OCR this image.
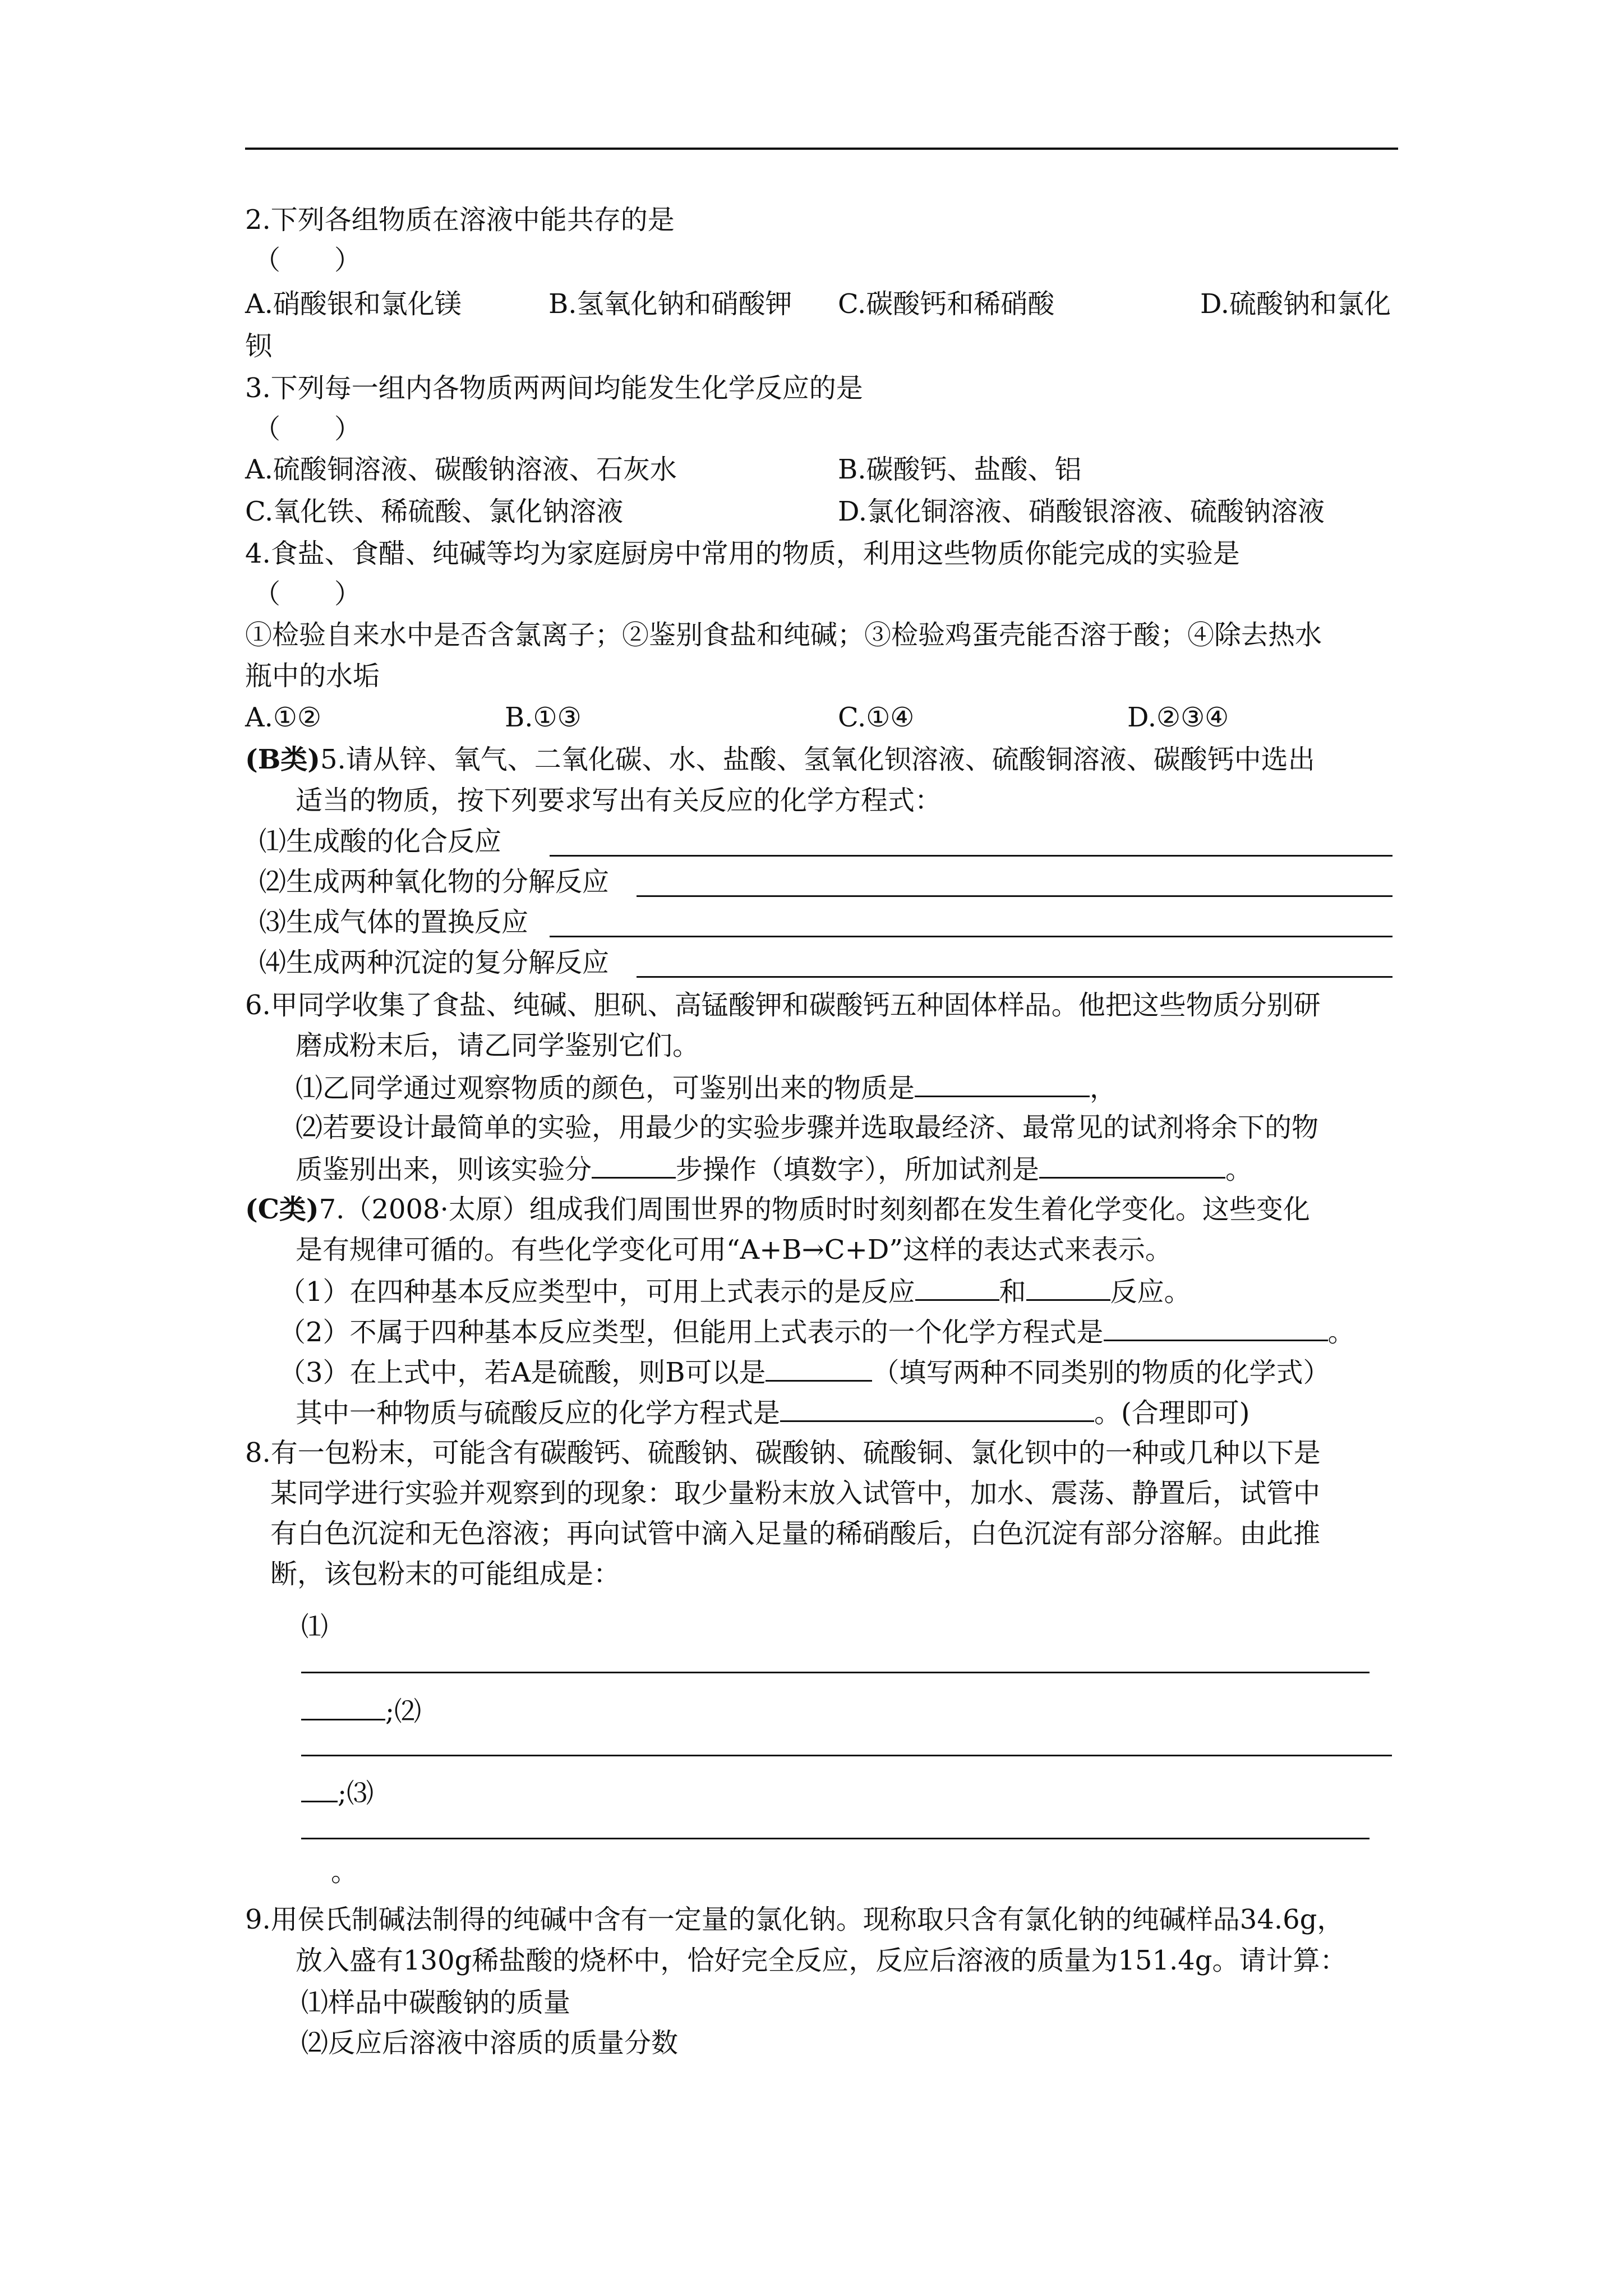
2.下列各组物质在溶液中能共存的是
（　　）
A.硝酸银和氯化镁	B.氢氧化钠和硝酸钾 C.碳酸钙和稀硝酸	D.硫酸钠和氯化
钡
3.下列每一组内各物质两两间均能发生化学反应的是
（　　）
A.硫酸铜溶液、碳酸钠溶液、石灰水	B.碳酸钙、盐酸、铝
C.氧化铁、稀硫酸、氯化钠溶液	D.氯化铜溶液、硝酸银溶液、硫酸钠溶液
4.食盐、食醋、纯碱等均为家庭厨房中常用的物质，利用这些物质你能完成的实验是
（　　）
①检验自来水中是否含氯离子；②鉴别食盐和纯碱；③检验鸡蛋壳能否溶于酸；④除去热水
瓶中的水垢
A.①②	B.①③	C.①④	D.②③④
(B类)5.请从锌、氧气、二氧化碳、水、盐酸、氢氧化钡溶液、硫酸铜溶液、碳酸钙中选出
适当的物质，按下列要求写出有关反应的化学方程式：
⑴生成酸的化合反应
⑵生成两种氧化物的分解反应
⑶生成气体的置换反应
⑷生成两种沉淀的复分解反应
6.甲同学收集了食盐、纯碱、胆矾、高锰酸钾和碳酸钙五种固体样品。他把这些物质分别研
磨成粉末后，请乙同学鉴别它们。
⑴乙同学通过观察物质的颜色，可鉴别出来的物质是	，
⑵若要设计最简单的实验，用最少的实验步骤并选取最经济、最常见的试剂将余下的物
质鉴别出来，则该实验分	步操作（填数字），所加试剂是	。
(C类)7.（2008·太原）组成我们周围世界的物质时时刻刻都在发生着化学变化。这些变化
是有规律可循的。有些化学变化可用“A+B→C+D”这样的表达式来表示。
（1）在四种基本反应类型中，可用上式表示的是反应	和	反应。
（2）不属于四种基本反应类型，但能用上式表示的一个化学方程式是	。
（3）在上式中，若A是硫酸，则B可以是	（填写两种不同类别的物质的化学式）
其中一种物质与硫酸反应的化学方程式是	。(合理即可)
8.有一包粉末，可能含有碳酸钙、硫酸钠、碳酸钠、硫酸铜、氯化钡中的一种或几种以下是
某同学进行实验并观察到的现象：取少量粉末放入试管中，加水、震荡、静置后，试管中
有白色沉淀和无色溶液；再向试管中滴入足量的稀硝酸后，白色沉淀有部分溶解。由此推
断，该包粉末的可能组成是：
⑴
;⑵
;⑶
。
9.用侯氏制碱法制得的纯碱中含有一定量的氯化钠。现称取只含有氯化钠的纯碱样品34.6g，
放入盛有130g稀盐酸的烧杯中，恰好完全反应，反应后溶液的质量为151.4g。请计算：
⑴样品中碳酸钠的质量
⑵反应后溶液中溶质的质量分数
